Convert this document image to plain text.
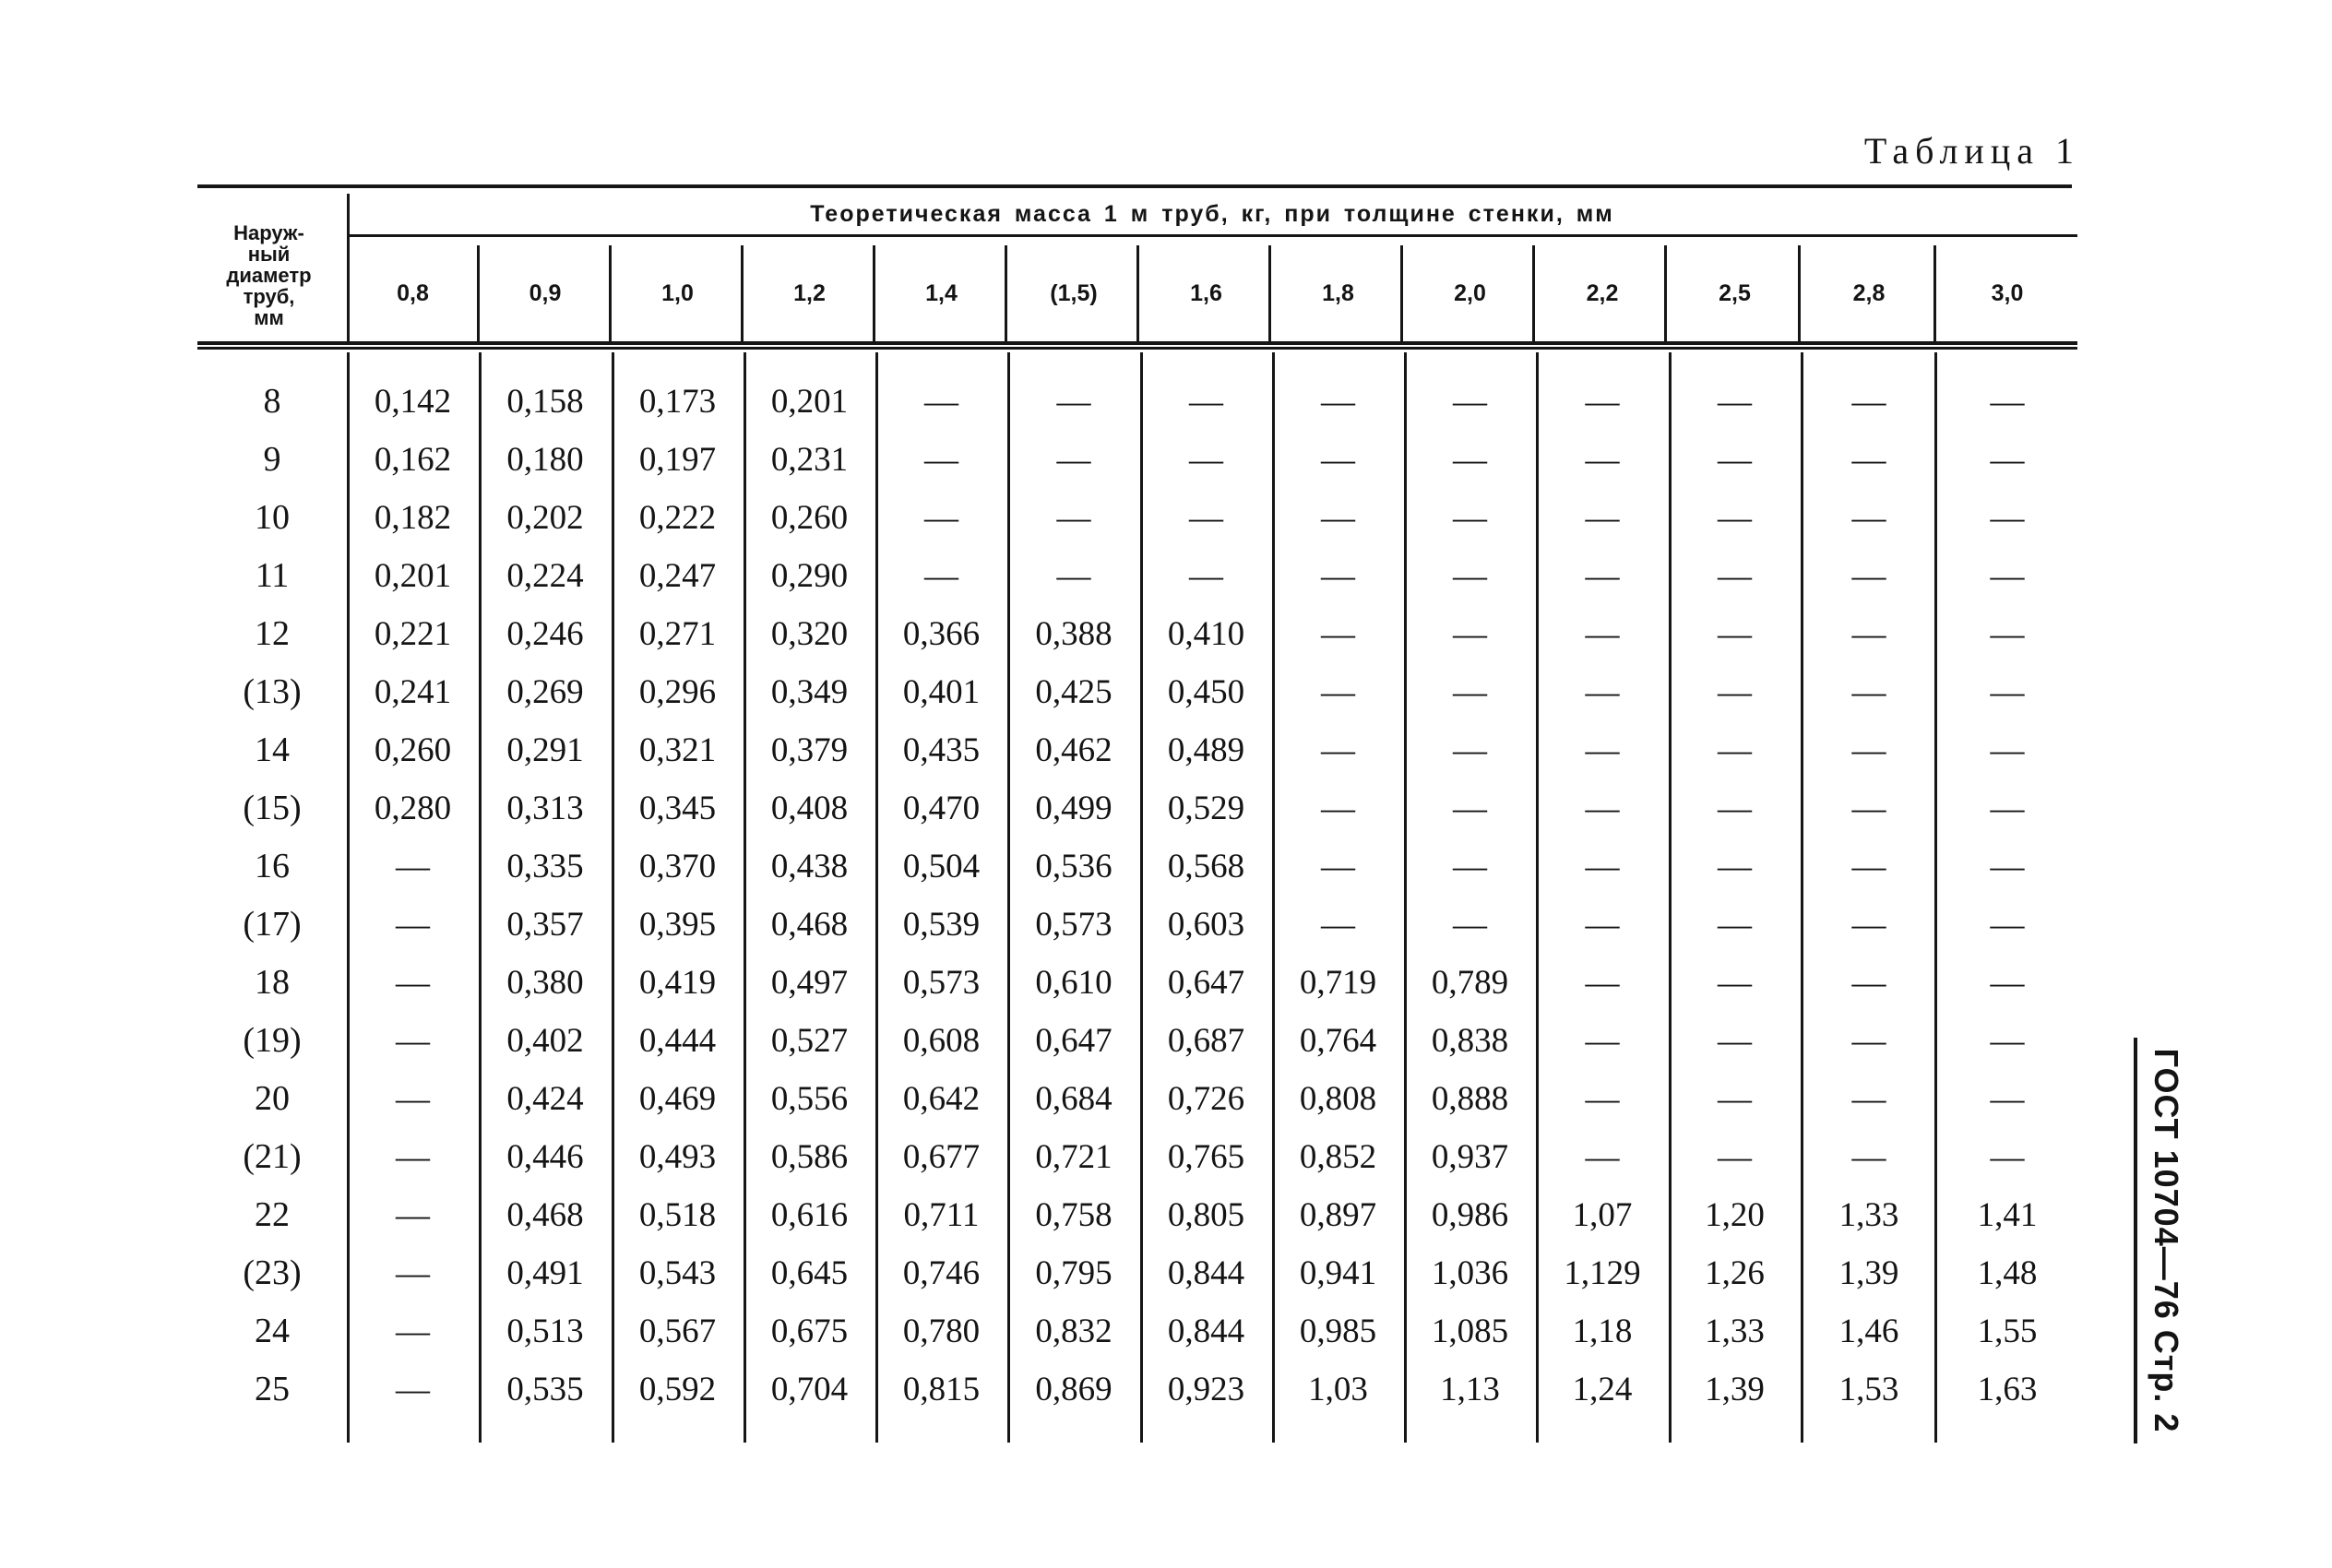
Таблица 1
Наруж-
ный
диаметр
труб,
мм
Теоретическая масса 1 м труб, кг, при толщине стенки, мм
0,8	0,9	1,0	1,2	1,4	(1,5)	1,6	1,8	2,0	2,2	2,5	2,8	3,0
8	0,142	0,158	0,173	0,201	—	—	—	—	—	—	—	—	—
9	0,162	0,180	0,197	0,231	—	—	—	—	—	—	—	—	—
10	0,182	0,202	0,222	0,260	—	—	—	—	—	—	—	—	—
11	0,201	0,224	0,247	0,290	—	—	—	—	—	—	—	—	—
12	0,221	0,246	0,271	0,320	0,366	0,388	0,410	—	—	—	—	—	—
(13)	0,241	0,269	0,296	0,349	0,401	0,425	0,450	—	—	—	—	—	—
14	0,260	0,291	0,321	0,379	0,435	0,462	0,489	—	—	—	—	—	—
(15)	0,280	0,313	0,345	0,408	0,470	0,499	0,529	—	—	—	—	—	—
16	—	0,335	0,370	0,438	0,504	0,536	0,568	—	—	—	—	—	—
(17)	—	0,357	0,395	0,468	0,539	0,573	0,603	—	—	—	—	—	—
18	—	0,380	0,419	0,497	0,573	0,610	0,647	0,719	0,789	—	—	—	—
(19)	—	0,402	0,444	0,527	0,608	0,647	0,687	0,764	0,838	—	—	—	—
20	—	0,424	0,469	0,556	0,642	0,684	0,726	0,808	0,888	—	—	—	—
(21)	—	0,446	0,493	0,586	0,677	0,721	0,765	0,852	0,937	—	—	—	—
22	—	0,468	0,518	0,616	0,711	0,758	0,805	0,897	0,986	1,07	1,20	1,33	1,41
(23)	—	0,491	0,543	0,645	0,746	0,795	0,844	0,941	1,036	1,129	1,26	1,39	1,48
24	—	0,513	0,567	0,675	0,780	0,832	0,844	0,985	1,085	1,18	1,33	1,46	1,55
25	—	0,535	0,592	0,704	0,815	0,869	0,923	1,03	1,13	1,24	1,39	1,53	1,63	ГОСТ 10704—76 Стр. 2
